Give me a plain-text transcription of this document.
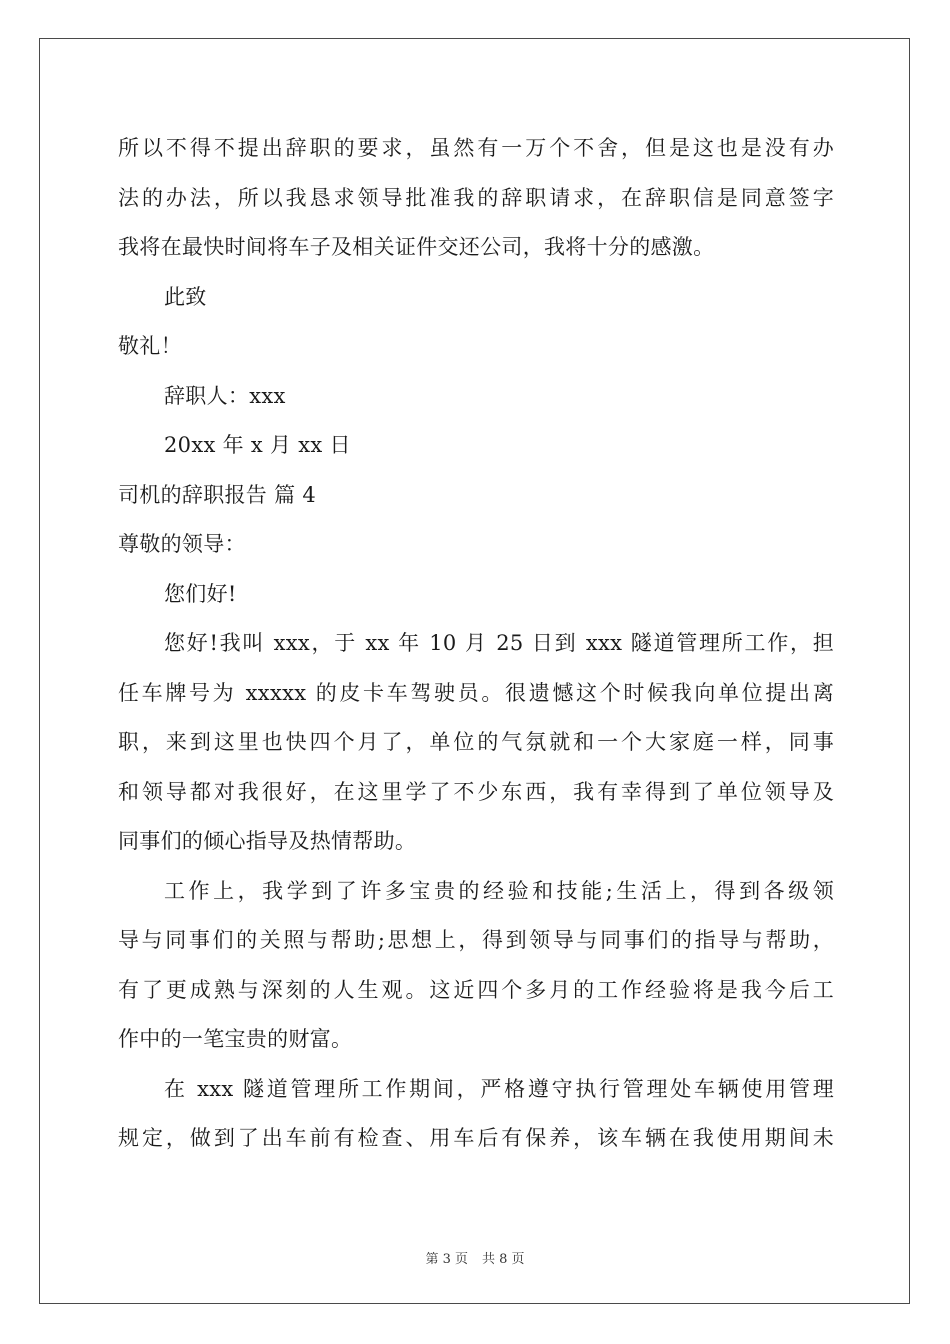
所以不得不提出辞职的要求，虽然有一万个不舍，但是这也是没有办
法的办法，所以我恳求领导批准我的辞职请求，在辞职信是同意签字
我将在最快时间将车子及相关证件交还公司，我将十分的感激。
此致
敬礼！
辞职人：xxx
20xx 年 x 月 xx 日
司机的辞职报告 篇 4
尊敬的领导：
您们好!
您好!我叫 xxx，于 xx 年 10 月 25 日到 xxx 隧道管理所工作，担
任车牌号为 xxxxx 的皮卡车驾驶员。很遗憾这个时候我向单位提出离
职，来到这里也快四个月了，单位的气氛就和一个大家庭一样，同事
和领导都对我很好，在这里学了不少东西，我有幸得到了单位领导及
同事们的倾心指导及热情帮助。
工作上，我学到了许多宝贵的经验和技能;生活上，得到各级领
导与同事们的关照与帮助;思想上，得到领导与同事们的指导与帮助，
有了更成熟与深刻的人生观。这近四个多月的工作经验将是我今后工
作中的一笔宝贵的财富。
在 xxx 隧道管理所工作期间，严格遵守执行管理处车辆使用管理
规定，做到了出车前有检查、用车后有保养，该车辆在我使用期间未
第 3 页 共 8 页
